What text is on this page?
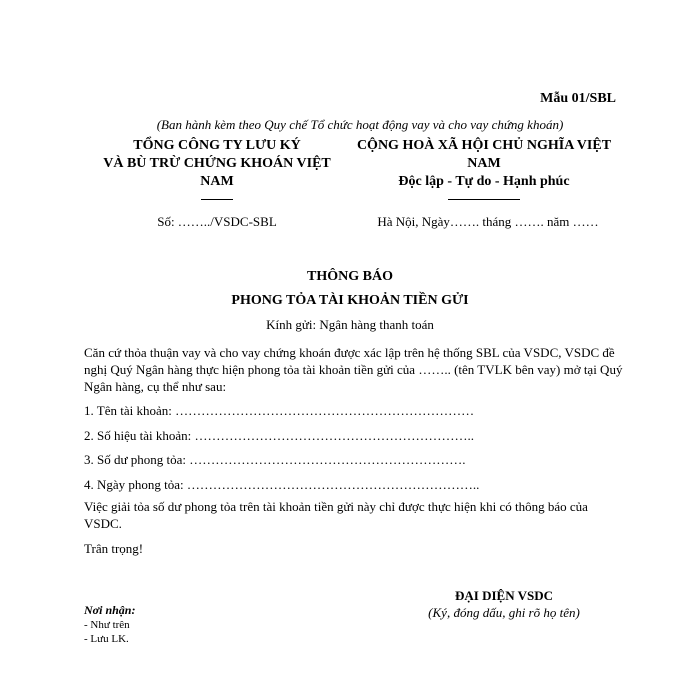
Mẫu 01/SBL
(Ban hành kèm theo Quy chế Tổ chức hoạt động vay và cho vay chứng khoán)
TỔNG CÔNG TY LƯU KÝ
VÀ BÙ TRỪ CHỨNG KHOÁN VIỆT
NAM
CỘNG HOÀ XÃ HỘI CHỦ NGHĨA VIỆT
NAM
Độc lập - Tự do - Hạnh phúc
Số: ……../VSDC-SBL	Hà Nội, Ngày……. tháng ……. năm ……
THÔNG BÁO
PHONG TỎA TÀI KHOẢN TIỀN GỬI
Kính gửi: Ngân hàng thanh toán
Căn cứ thỏa thuận vay và cho vay chứng khoán được xác lập trên hệ thống SBL của VSDC, VSDC đề nghị Quý Ngân hàng thực hiện phong tỏa tài khoản tiền gửi của …….. (tên TVLK bên vay) mở tại Quý Ngân hàng, cụ thể như sau:
1. Tên tài khoản: ……………………………………………………………
2. Số hiệu tài khoản: ………………………………………………………..
3. Số dư phong tỏa: ……………………………………………………….
4. Ngày phong tỏa: …………………………………………………………..
Việc giải tỏa số dư phong tỏa trên tài khoản tiền gửi này chỉ được thực hiện khi có thông báo của VSDC.
Trân trọng!
ĐẠI DIỆN VSDC
(Ký, đóng dấu, ghi rõ họ tên)
Nơi nhận:
- Như trên
- Lưu LK.
